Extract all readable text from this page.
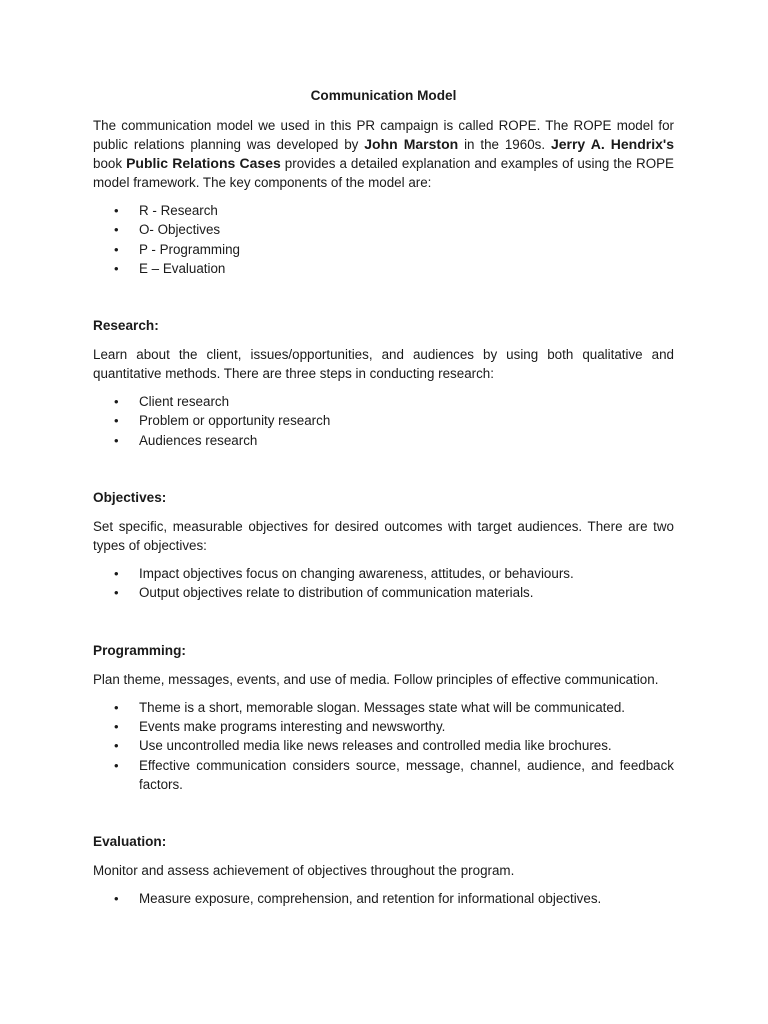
Communication Model

The communication model we used in this PR campaign is called ROPE. The ROPE model for public relations planning was developed by John Marston in the 1960s. Jerry A. Hendrix's book Public Relations Cases provides a detailed explanation and examples of using the ROPE model framework. The key components of the model are:

• R - Research
• O- Objectives
• P - Programming
• E – Evaluation
Research:

Learn about the client, issues/opportunities, and audiences by using both qualitative and quantitative methods. There are three steps in conducting research:

• Client research
• Problem or opportunity research
• Audiences research
Objectives:

Set specific, measurable objectives for desired outcomes with target audiences. There are two types of objectives:

• Impact objectives focus on changing awareness, attitudes, or behaviours.
• Output objectives relate to distribution of communication materials.
Programming:

Plan theme, messages, events, and use of media. Follow principles of effective communication.

• Theme is a short, memorable slogan. Messages state what will be communicated.
• Events make programs interesting and newsworthy.
• Use uncontrolled media like news releases and controlled media like brochures.
• Effective communication considers source, message, channel, audience, and feedback factors.
Evaluation:

Monitor and assess achievement of objectives throughout the program.

• Measure exposure, comprehension, and retention for informational objectives.
